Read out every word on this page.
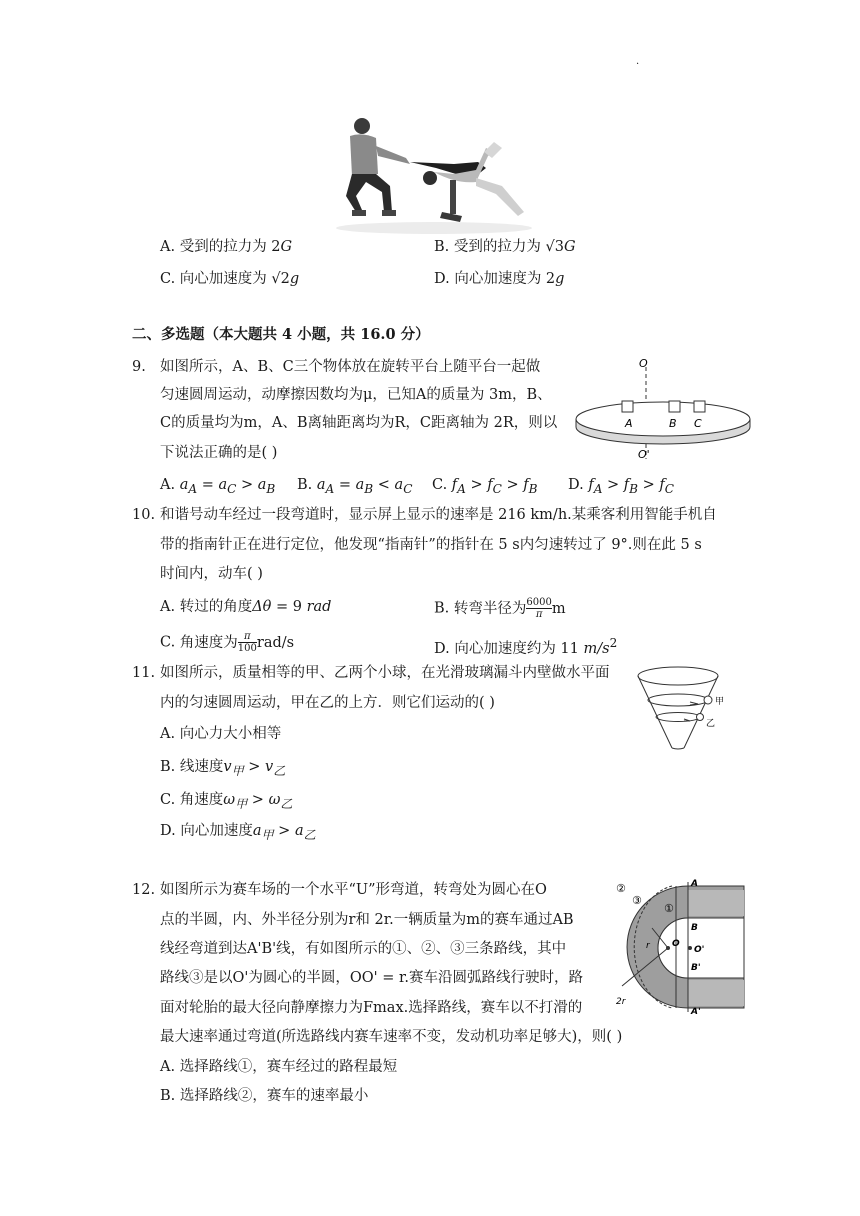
.
A. 受到的拉力为 2G	B. 受到的拉力为 √3G
C. 向心加速度为 √2g	D. 向心加速度为 2g
二、多选题（本大题共 4 小题，共 16.0 分）
9. 如图所示，A、B、C三个物体放在旋转平台上随平台一起做
匀速圆周运动，动摩擦因数均为μ，已知A的质量为 3m，B、
C的质量均为m，A、B离轴距离均为R，C距离轴为 2R，则以
下说法正确的是( )
O
A	B C
O'
A. $a_A = a_C > a_B$ B. $a_A = a_B < a_C$ C. $f_A > f_C > f_B$ D. $f_A > f_B > f_C$
10. 和谐号动车经过一段弯道时，显示屏上显示的速率是 216 km/h.某乘客利用智能手机自
带的指南针正在进行定位，他发现“指南针”的指针在 5 s内匀速转过了 9°.则在此 5 s
时间内，动车( )
A. 转过的角度Δθ = 9 rad	B. 转弯半径为 $\frac{6000}{\pi}$ m
C. 角速度为 $\frac{\pi}{100} rad/s$	D. 向心加速度约为 11 $m/s^2$
11. 如图所示，质量相等的甲、乙两个小球，在光滑玻璃漏斗内壁做水平面
内的匀速圆周运动，甲在乙的上方．则它们运动的( )	甲
乙
A. 向心力大小相等
B. 线速度$v_甲 > v_乙$
C. 角速度$\omega_甲 > \omega_乙$
D. 向心加速度$a_甲 > a_乙$
12. 如图所示为赛车场的一个水平“U”形弯道，转弯处为圆心在O
点的半圆，内、外半径分别为r和 2r.一辆质量为m的赛车通过AB
线经弯道到达A'B'线，有如图所示的①、②、③三条路线，其中
路线③是以O'为圆心的半圆，OO' = r.赛车沿圆弧路线行驶时，路
面对轮胎的最大径向静摩擦力为Fmax.选择路线，赛车以不打滑的
最大速率通过弯道(所选路线内赛车速率不变，发动机功率足够大)，则( )
②
③
①
A
B
O
O'
B'
A'
r
2r
A. 选择路线①，赛车经过的路程最短
B. 选择路线②，赛车的速率最小
